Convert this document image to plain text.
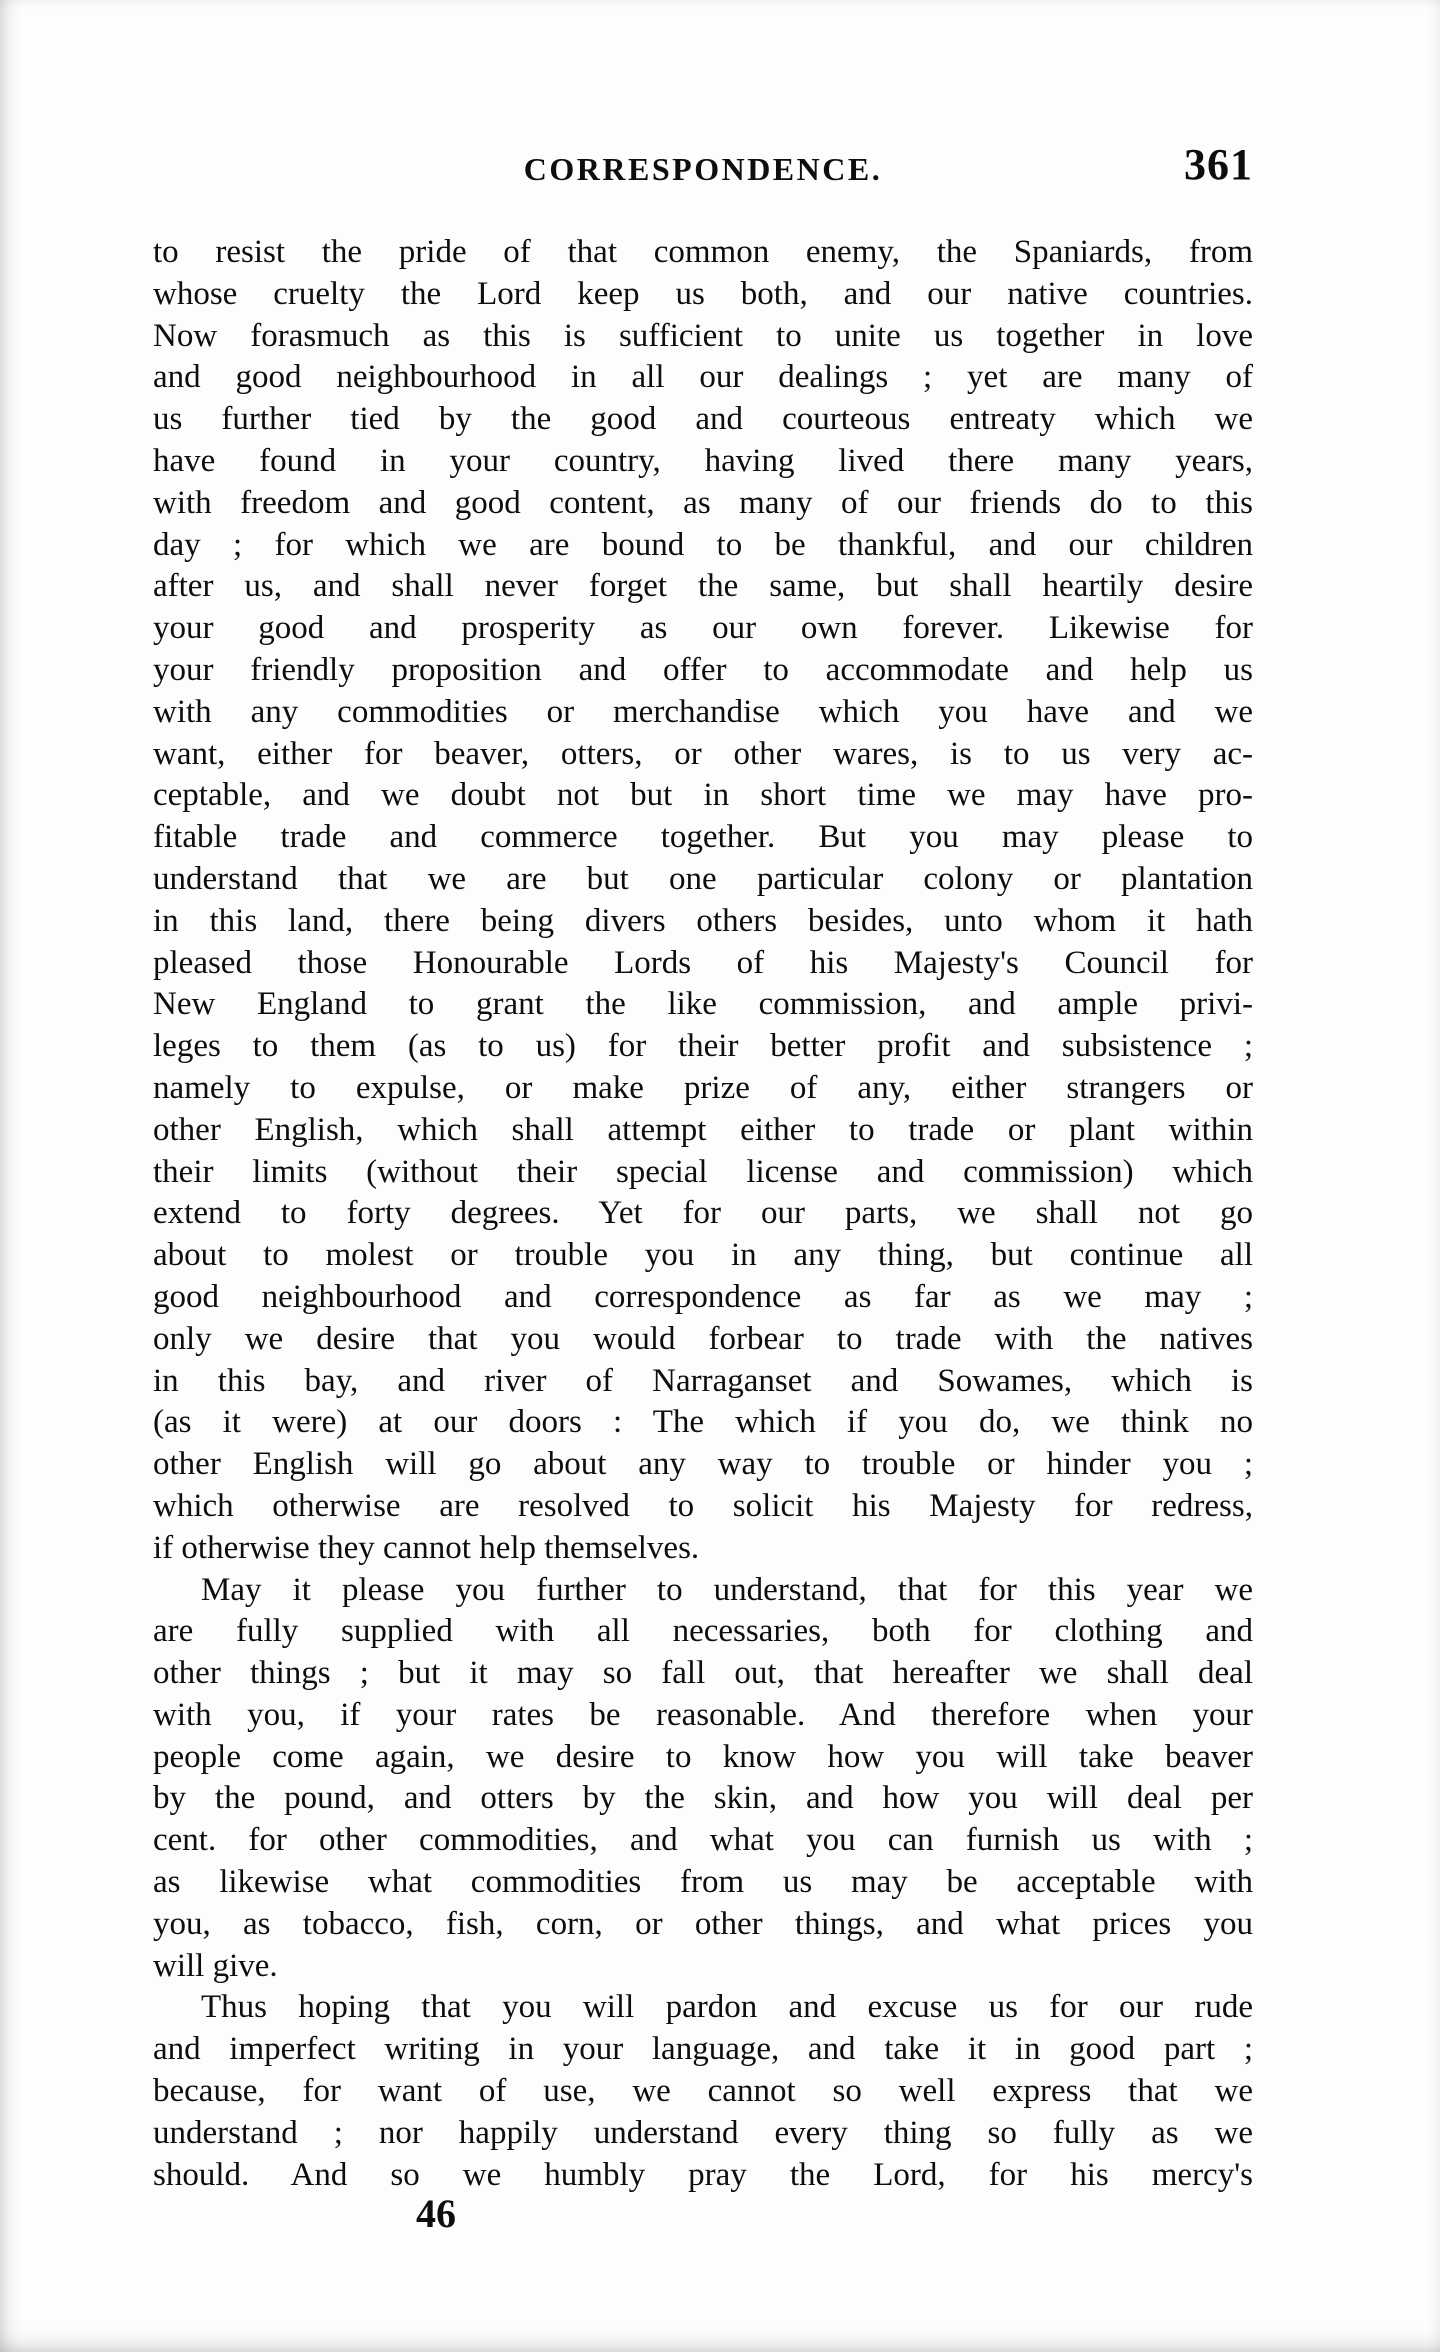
CORRESPONDENCE.	361
to resist the pride of that common enemy, the Spaniards, from
whose cruelty the Lord keep us both, and our native countries.
Now forasmuch as this is sufficient to unite us together in love
and good neighbourhood in all our dealings ; yet are many of
us further tied by the good and courteous entreaty which we
have found in your country, having lived there many years,
with freedom and good content, as many of our friends do to this
day ; for which we are bound to be thankful, and our children
after us, and shall never forget the same, but shall heartily desire
your good and prosperity as our own forever. Likewise for
your friendly proposition and offer to accommodate and help us
with any commodities or merchandise which you have and we
want, either for beaver, otters, or other wares, is to us very ac-
ceptable, and we doubt not but in short time we may have pro-
fitable trade and commerce together. But you may please to
understand that we are but one particular colony or plantation
in this land, there being divers others besides, unto whom it hath
pleased those Honourable Lords of his Majesty's Council for
New England to grant the like commission, and ample privi-
leges to them (as to us) for their better profit and subsistence ;
namely to expulse, or make prize of any, either strangers or
other English, which shall attempt either to trade or plant within
their limits (without their special license and commission) which
extend to forty degrees. Yet for our parts, we shall not go
about to molest or trouble you in any thing, but continue all
good neighbourhood and correspondence as far as we may ;
only we desire that you would forbear to trade with the natives
in this bay, and river of Narraganset and Sowames, which is
(as it were) at our doors : The which if you do, we think no
other English will go about any way to trouble or hinder you ;
which otherwise are resolved to solicit his Majesty for redress,
if otherwise they cannot help themselves.
May it please you further to understand, that for this year we
are fully supplied with all necessaries, both for clothing and
other things ; but it may so fall out, that hereafter we shall deal
with you, if your rates be reasonable. And therefore when your
people come again, we desire to know how you will take beaver
by the pound, and otters by the skin, and how you will deal per
cent. for other commodities, and what you can furnish us with ;
as likewise what commodities from us may be acceptable with
you, as tobacco, fish, corn, or other things, and what prices you
will give.
Thus hoping that you will pardon and excuse us for our rude
and imperfect writing in your language, and take it in good part ;
because, for want of use, we cannot so well express that we
understand ; nor happily understand every thing so fully as we
should. And so we humbly pray the Lord, for his mercy's
46
